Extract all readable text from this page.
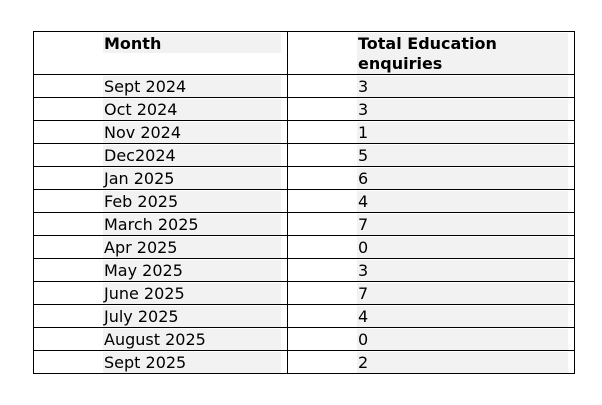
Month	Total Education enquiries

Sept 2024	3

Oct 2024	3

Nov 2024	1

Dec2024	5

Jan 2025	6

Feb 2025	4

March 2025	7

Apr 2025	0

May 2025	3

June 2025	7

July 2025	4

August 2025	0

Sept 2025	2
